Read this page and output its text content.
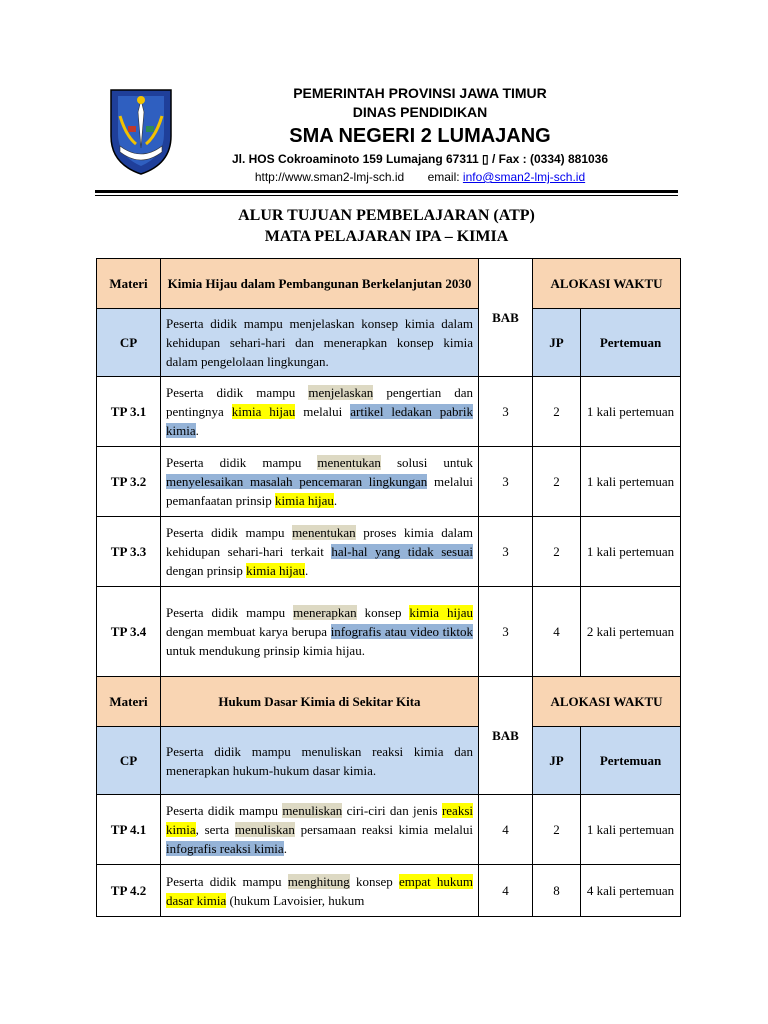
PEMERINTAH PROVINSI JAWA TIMUR
DINAS PENDIDIKAN
SMA NEGERI 2 LUMAJANG
Jl. HOS Cokroaminoto 159 Lumajang 67311 ▯ / Fax : (0334) 881036
http://www.sman2-lmj-sch.id email: info@sman2-lmj-sch.id
ALUR TUJUAN PEMBELAJARAN (ATP)
MATA PELAJARAN IPA – KIMIA
Materi	Kimia Hijau dalam Pembangunan Berkelanjutan 2030	BAB	ALOKASI WAKTU	
CP	Peserta didik mampu menjelaskan konsep kimia dalam kehidupan sehari-hari dan menerapkan konsep kimia dalam pengelolaan lingkungan.		JP	Pertemuan
TP 3.1	Peserta didik mampu menjelaskan pengertian dan pentingnya kimia hijau melalui artikel ledakan pabrik kimia.	3	2	1 kali pertemuan
TP 3.2	Peserta didik mampu menentukan solusi untuk menyelesaikan masalah pencemaran lingkungan melalui pemanfaatan prinsip kimia hijau.	3	2	1 kali pertemuan
TP 3.3	Peserta didik mampu menentukan proses kimia dalam kehidupan sehari-hari terkait hal-hal yang tidak sesuai dengan prinsip kimia hijau.	3	2	1 kali pertemuan
TP 3.4	Peserta didik mampu menerapkan konsep kimia hijau dengan membuat karya berupa infografis atau video tiktok untuk mendukung prinsip kimia hijau.	3	4	2 kali pertemuan
Materi	Hukum Dasar Kimia di Sekitar Kita	BAB	ALOKASI WAKTU	
CP	Peserta didik mampu menuliskan reaksi kimia dan menerapkan hukum-hukum dasar kimia.		JP	Pertemuan
TP 4.1	Peserta didik mampu menuliskan ciri-ciri dan jenis reaksi kimia, serta menuliskan persamaan reaksi kimia melalui infografis reaksi kimia.	4	2	1 kali pertemuan
TP 4.2	Peserta didik mampu menghitung konsep empat hukum dasar kimia (hukum Lavoisier, hukum	4	8	4 kali pertemuan
